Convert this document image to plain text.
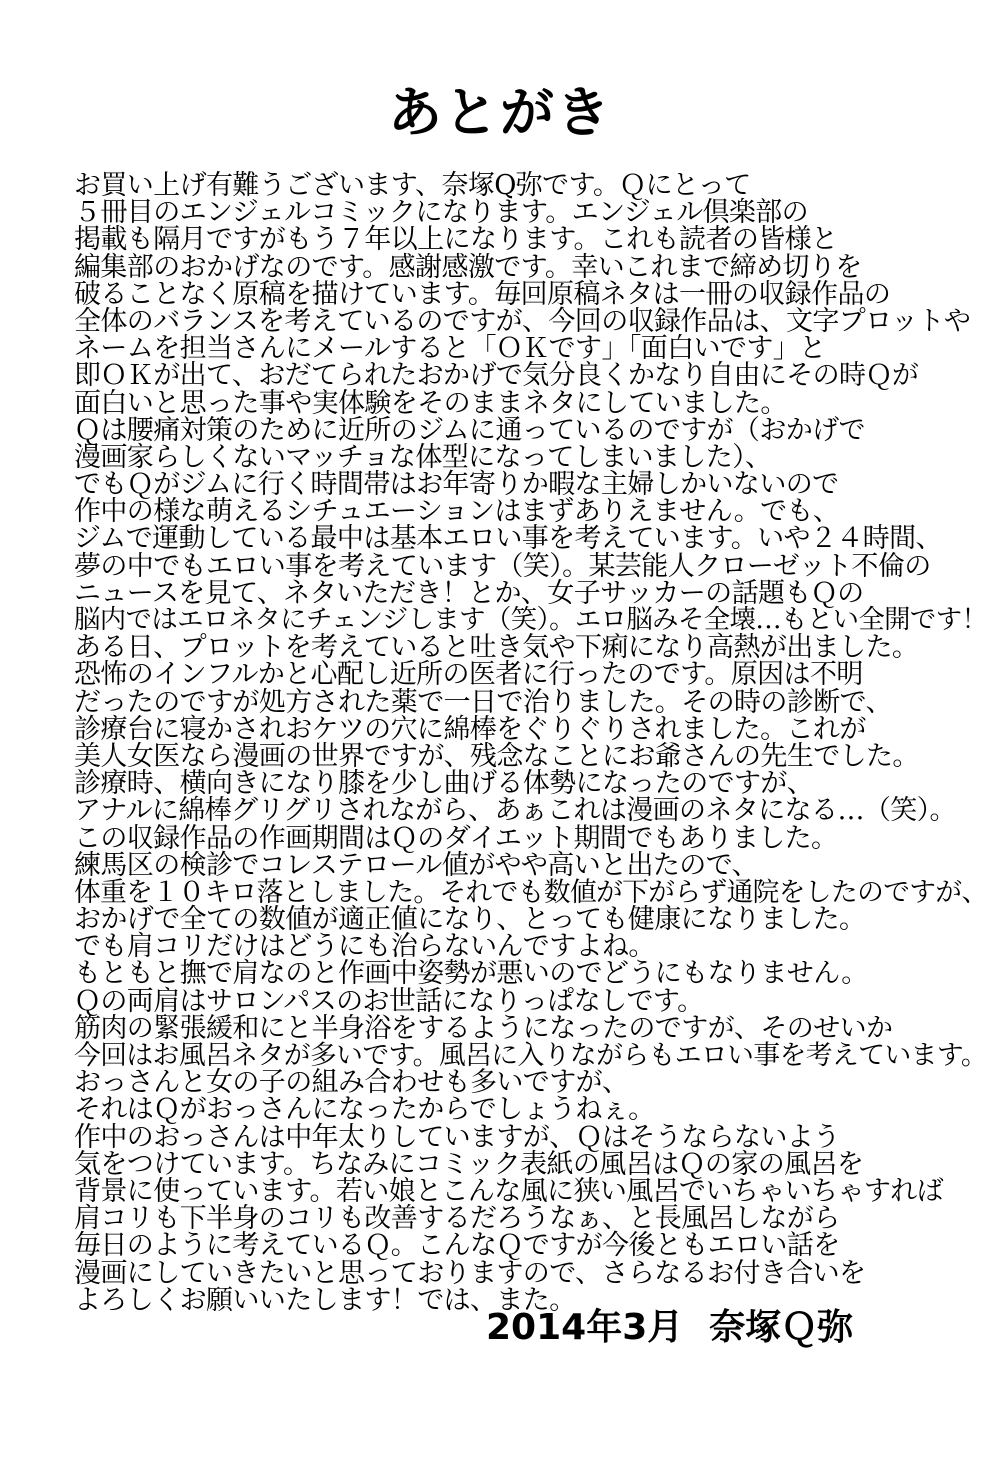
あとがき
お買い上げ有難うございます、奈塚Q弥です。Ｑにとって
５冊目のエンジェルコミックになります。エンジェル倶楽部の
掲載も隔月ですがもう７年以上になります。これも読者の皆様と
編集部のおかげなのです。感謝感激です。幸いこれまで締め切りを
破ることなく原稿を描けています。毎回原稿ネタは一冊の収録作品の
全体のバランスを考えているのですが、今回の収録作品は、文字プロットや
ネームを担当さんにメールすると「ＯＫです」「面白いです」と
即ＯＫが出て、おだてられたおかげで気分良くかなり自由にその時Ｑが
面白いと思った事や実体験をそのままネタにしていました。
Ｑは腰痛対策のために近所のジムに通っているのですが（おかげで
漫画家らしくないマッチョな体型になってしまいました）、
でもＱがジムに行く時間帯はお年寄りか暇な主婦しかいないので
作中の様な萌えるシチュエーションはまずありえません。でも、
ジムで運動している最中は基本エロい事を考えています。いや２４時間、
夢の中でもエロい事を考えています（笑）。某芸能人クローゼット不倫の
ニュースを見て、ネタいただき！とか、女子サッカーの話題もＱの
脳内ではエロネタにチェンジします（笑）。エロ脳みそ全壊…もとい全開です！
ある日、プロットを考えていると吐き気や下痢になり高熱が出ました。
恐怖のインフルかと心配し近所の医者に行ったのです。原因は不明
だったのですが処方された薬で一日で治りました。その時の診断で、
診療台に寝かされおケツの穴に綿棒をぐりぐりされました。これが
美人女医なら漫画の世界ですが、残念なことにお爺さんの先生でした。
診療時、横向きになり膝を少し曲げる体勢になったのですが、
アナルに綿棒グリグリされながら、あぁこれは漫画のネタになる…（笑）。
この収録作品の作画期間はＱのダイエット期間でもありました。
練馬区の検診でコレステロール値がやや高いと出たので、
体重を１０キロ落としました。それでも数値が下がらず通院をしたのですが、
おかげで全ての数値が適正値になり、とっても健康になりました。
でも肩コリだけはどうにも治らないんですよね。
もともと撫で肩なのと作画中姿勢が悪いのでどうにもなりません。
Ｑの両肩はサロンパスのお世話になりっぱなしです。
筋肉の緊張緩和にと半身浴をするようになったのですが、そのせいか
今回はお風呂ネタが多いです。風呂に入りながらもエロい事を考えています。
おっさんと女の子の組み合わせも多いですが、
それはＱがおっさんになったからでしょうねぇ。
作中のおっさんは中年太りしていますが、Ｑはそうならないよう
気をつけています。ちなみにコミック表紙の風呂はＱの家の風呂を
背景に使っています。若い娘とこんな風に狭い風呂でいちゃいちゃすれば
肩コリも下半身のコリも改善するだろうなぁ、と長風呂しながら
毎日のように考えているＱ。こんなＱですが今後ともエロい話を
漫画にしていきたいと思っておりますので、さらなるお付き合いを
よろしくお願いいたします！では、また。
2014年3月 奈塚Ｑ弥
